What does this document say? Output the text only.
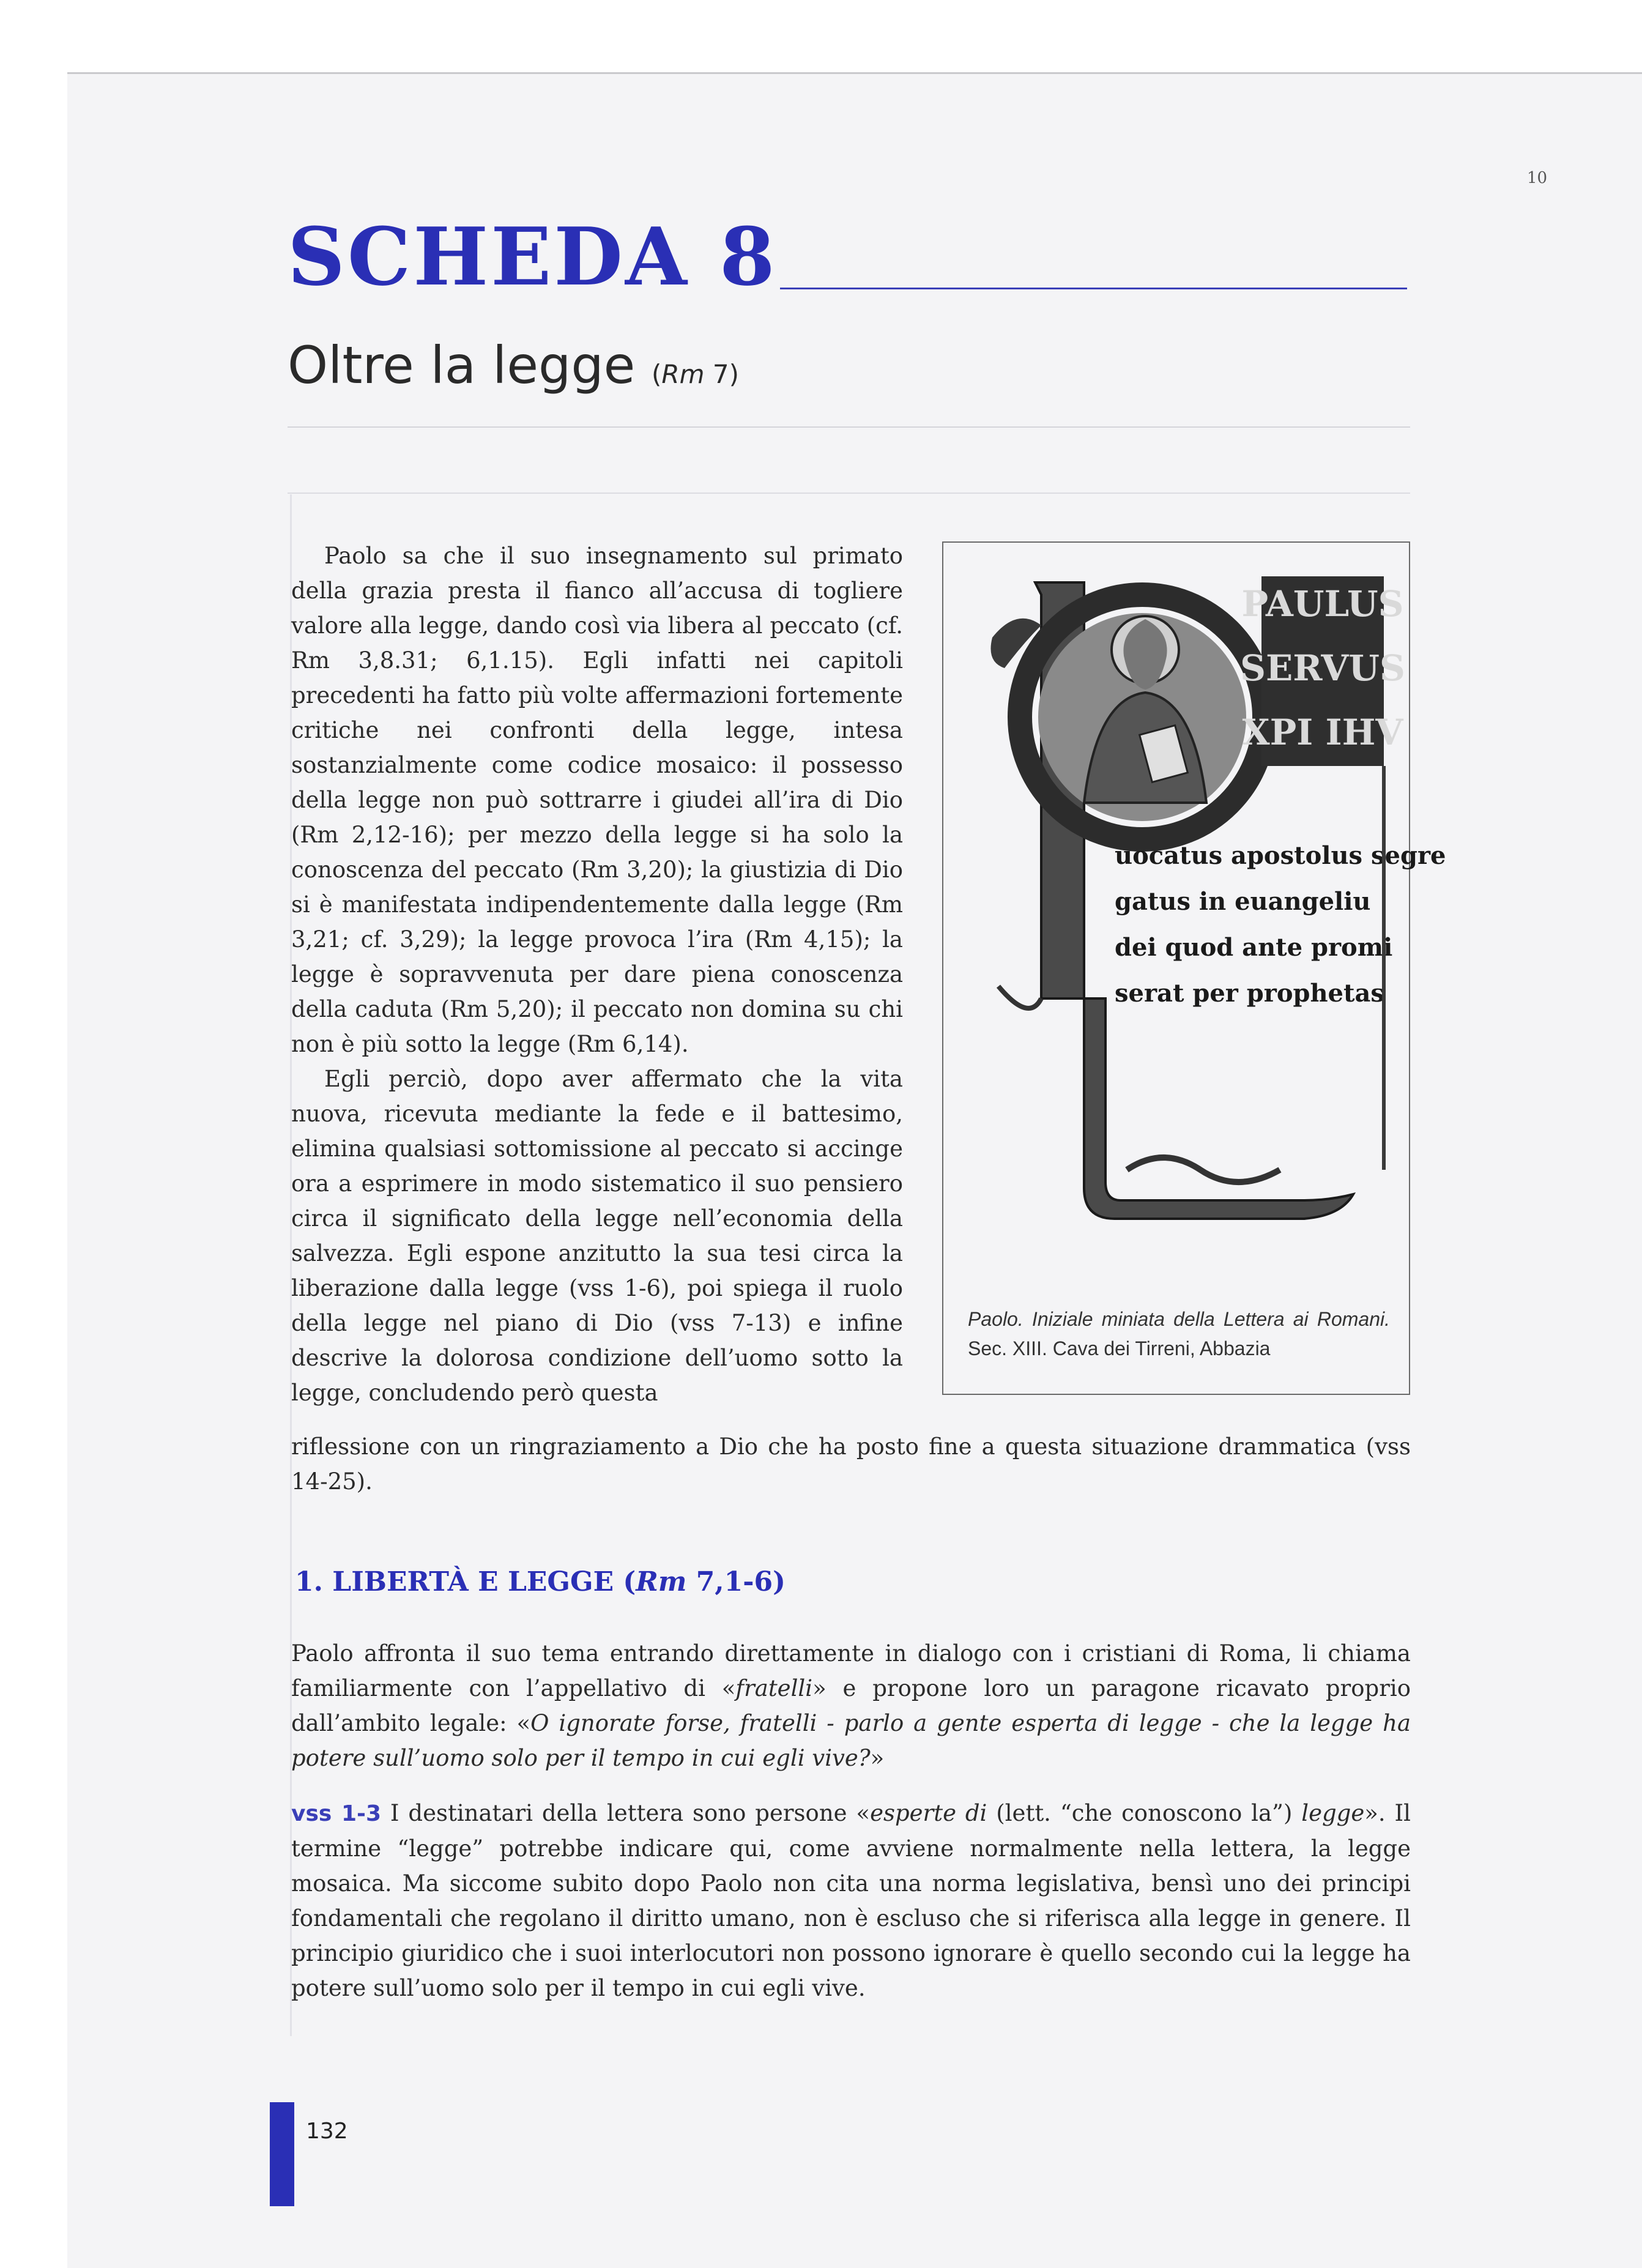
10
SCHEDA 8
Oltre la legge (Rm 7)

Paolo sa che il suo insegnamento sul primato della grazia presta il fianco all’accusa di togliere valore alla legge, dando così via libera al peccato (cf. Rm 3,8.31; 6,1.15). Egli infatti nei capitoli precedenti ha fatto più volte affermazioni fortemente critiche nei confronti della legge, intesa sostanzialmente come codice mosaico: il possesso della legge non può sottrarre i giudei all’ira di Dio (Rm 2,12-16); per mezzo della legge si ha solo la conoscenza del peccato (Rm 3,20); la giustizia di Dio si è manifestata indipendentemente dalla legge (Rm 3,21; cf. 3,29); la legge provoca l’ira (Rm 4,15); la legge è sopravvenuta per dare piena conoscenza della caduta (Rm 5,20); il peccato non domina su chi non è più sotto la legge (Rm 6,14).

Egli perciò, dopo aver affermato che la vita nuova, ricevuta mediante la fede e il battesimo, elimina qualsiasi sottomissione al peccato si accinge ora a esprimere in modo sistematico il suo pensiero circa il significato della legge nell’economia della salvezza. Egli espone anzitutto la sua tesi circa la liberazione dalla legge (vss 1-6), poi spiega il ruolo della legge nel piano di Dio (vss 7-13) e infine descrive la dolorosa condizione dell’uomo sotto la legge, concludendo però questa

riflessione con un ringraziamento a Dio che ha posto fine a questa situazione drammatica (vss 14-25).

PAULUS
SERVUS
XPI IHV
uocatus apostolus segre
gatus in euangeliu
dei quod ante promi
serat per prophetas
Paolo. Iniziale miniata della Lettera ai Romani. Sec. XIII. Cava dei Tirreni, Abbazia
1. LIBERTÀ E LEGGE (Rm 7,1-6)

Paolo affronta il suo tema entrando direttamente in dialogo con i cristiani di Roma, li chiama familiarmente con l’appellativo di «fratelli» e propone loro un paragone ricavato proprio dall’ambito legale: «O ignorate forse, fratelli - parlo a gente esperta di legge - che la legge ha potere sull’uomo solo per il tempo in cui egli vive?»

vss 1-3 I destinatari della lettera sono persone «esperte di (lett. “che conoscono la”) legge». Il termine “legge” potrebbe indicare qui, come avviene normalmente nella lettera, la legge mosaica. Ma siccome subito dopo Paolo non cita una norma legislativa, bensì uno dei principi fondamentali che regolano il diritto umano, non è escluso che si riferisca alla legge in genere. Il principio giuridico che i suoi interlocutori non possono ignorare è quello secondo cui la legge ha potere sull’uomo solo per il tempo in cui egli vive.

132
